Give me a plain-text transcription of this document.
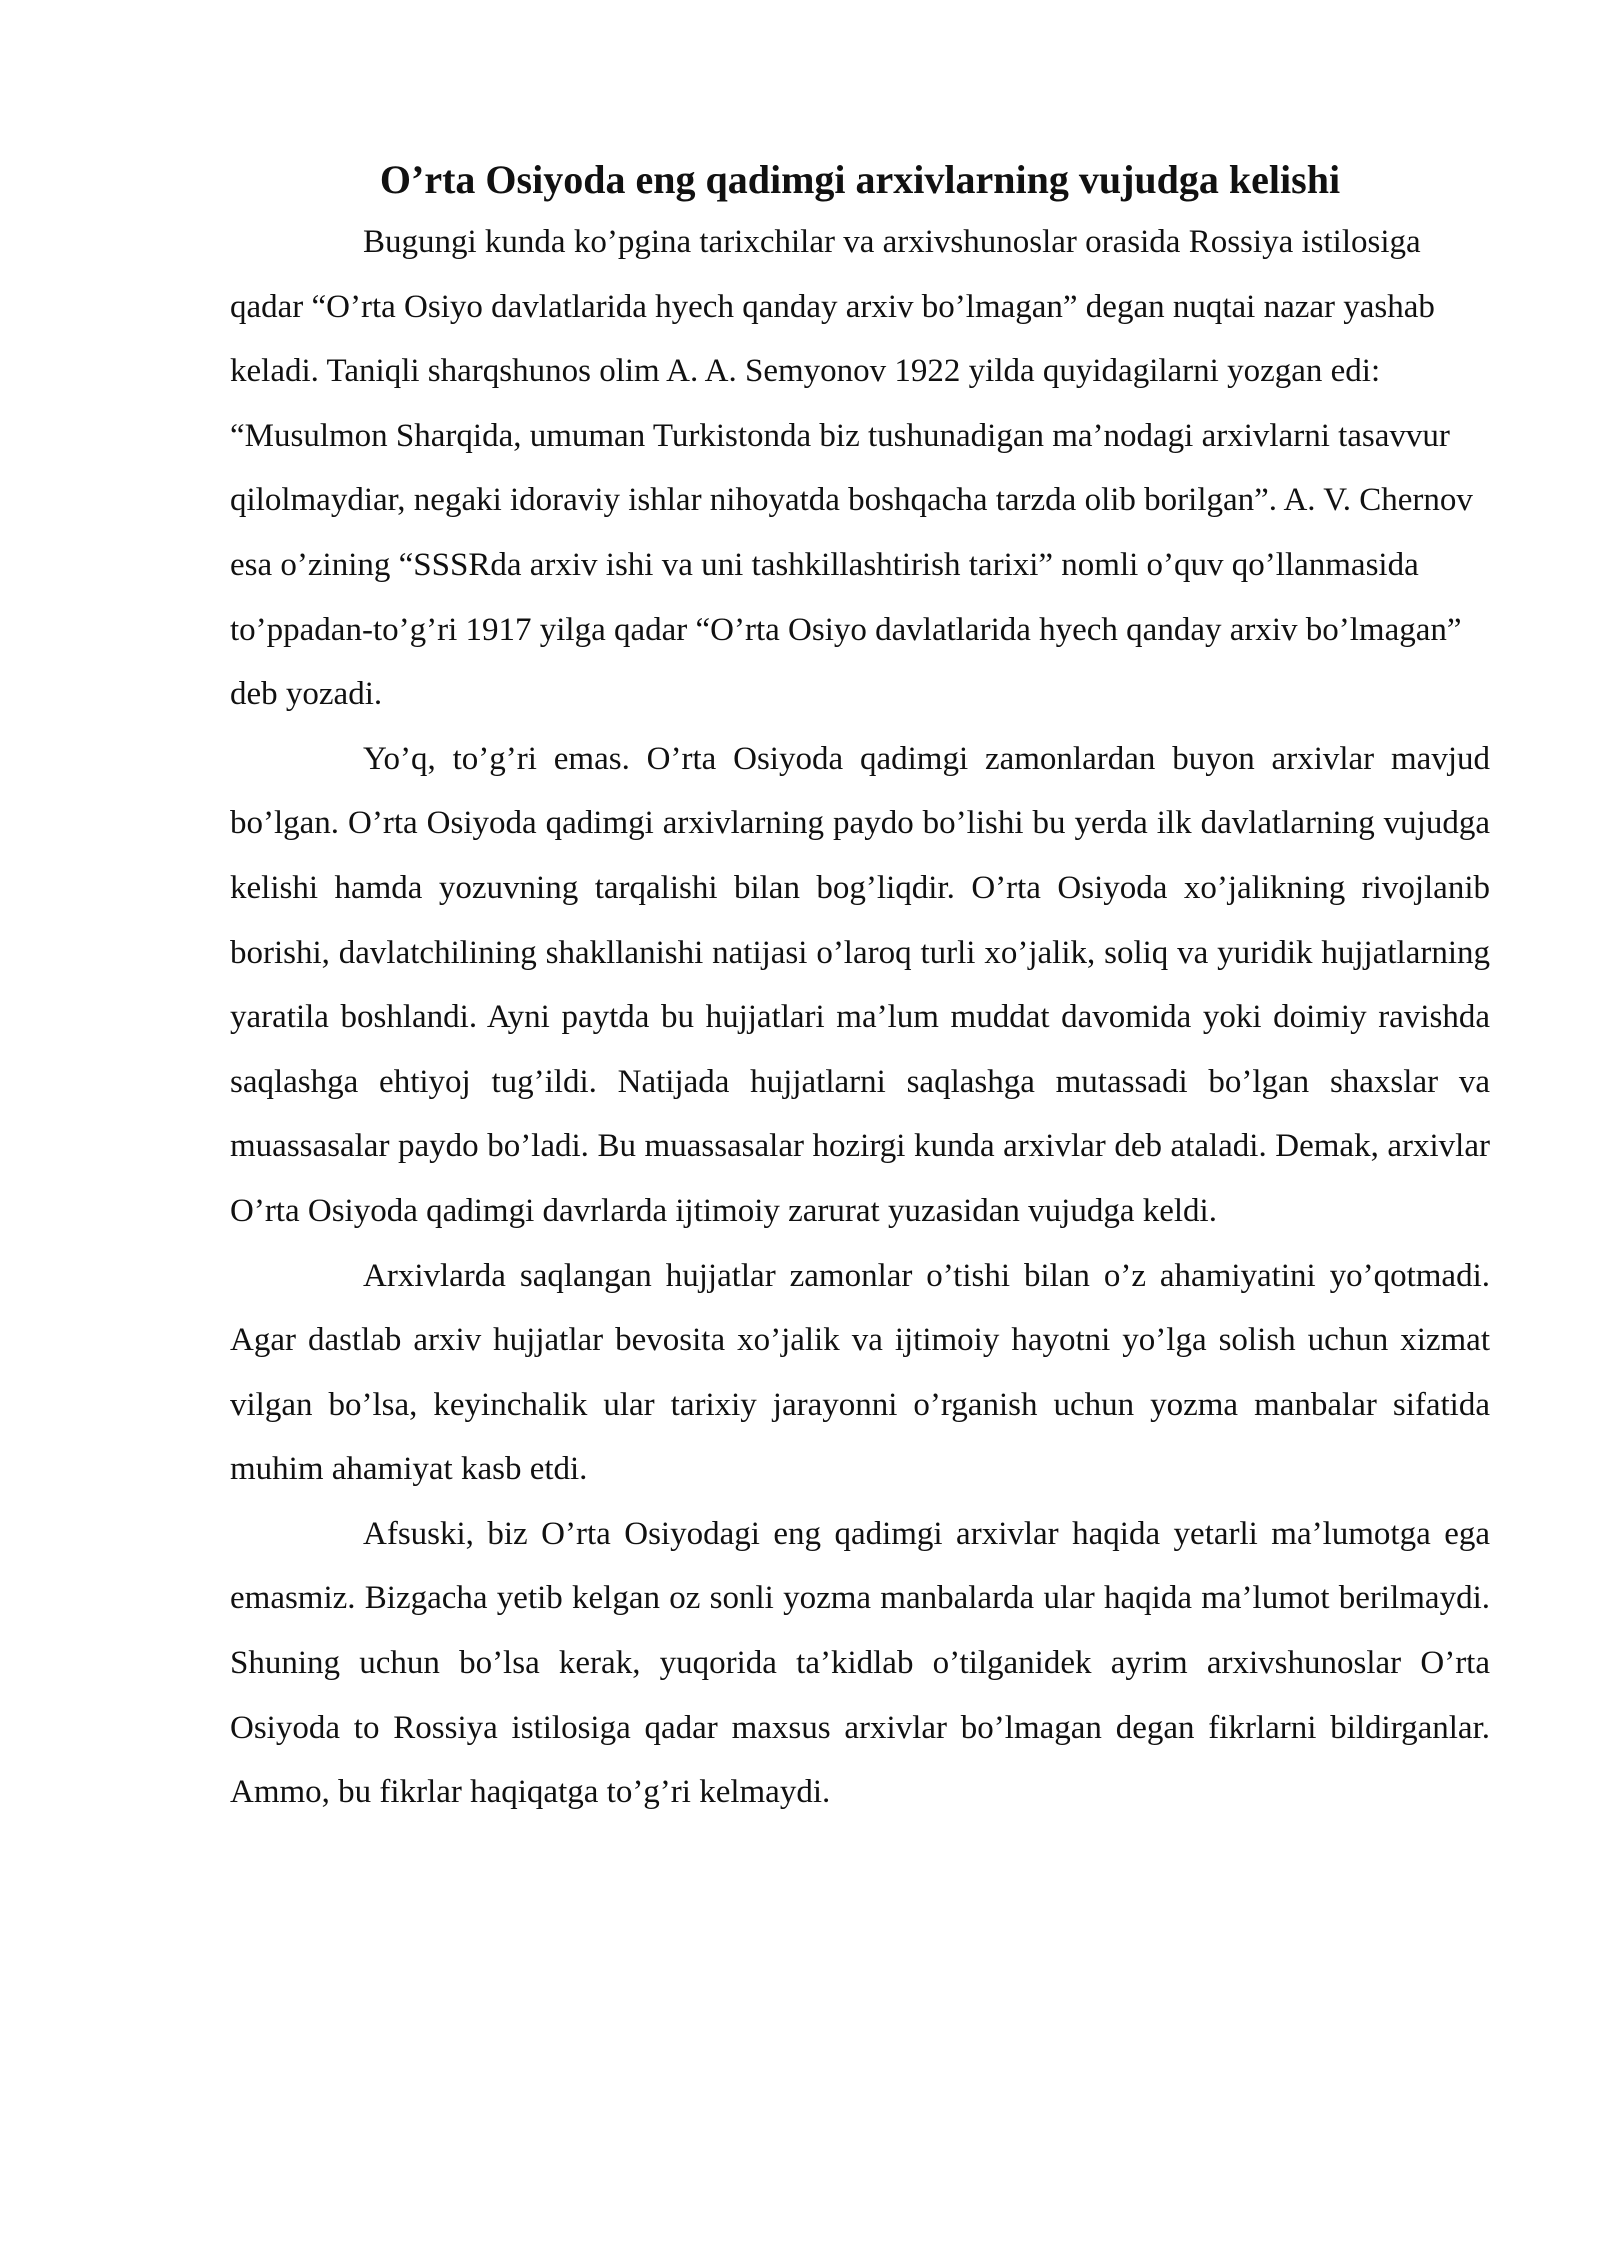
O’rta Osiyoda eng qadimgi arxivlarning vujudga kelishi

Bugungi kunda ko’pgina tarixchilar va arxivshunoslar orasida Rossiya istilosiga qadar “O’rta Osiyo davlatlarida hyech qanday arxiv bo’lmagan” degan nuqtai nazar yashab keladi. Taniqli sharqshunos olim A. A. Semyonov 1922 yilda quyidagilarni yozgan edi: “Musulmon Sharqida, umuman Turkistonda biz tushunadigan ma’nodagi arxivlarni tasavvur qilolmaydiar, negaki idoraviy ishlar nihoyatda boshqacha tarzda olib borilgan”. A. V. Chernov esa o’zining “SSSRda arxiv ishi va uni tashkillashtirish tarixi” nomli o’quv qo’llanmasida to’ppadan-to’g’ri 1917 yilga qadar “O’rta Osiyo davlatlarida hyech qanday arxiv bo’lmagan” deb yozadi.

Yo’q, to’g’ri emas. O’rta Osiyoda qadimgi zamonlardan buyon arxivlar mavjud bo’lgan. O’rta Osiyoda qadimgi arxivlarning paydo bo’lishi bu yerda ilk davlatlarning vujudga kelishi hamda yozuvning tarqalishi bilan bog’liqdir. O’rta Osiyoda xo’jalikning rivojlanib borishi, davlatchilining shakllanishi natijasi o’laroq turli xo’jalik, soliq va yuridik hujjatlarning yaratila boshlandi. Ayni paytda bu hujjatlari ma’lum muddat davomida yoki doimiy ravishda saqlashga ehtiyoj tug’ildi. Natijada hujjatlarni saqlashga mutassadi bo’lgan shaxslar va muassasalar paydo bo’ladi. Bu muassasalar hozirgi kunda arxivlar deb ataladi. Demak, arxivlar O’rta Osiyoda qadimgi davrlarda ijtimoiy zarurat yuzasidan vujudga keldi.

Arxivlarda saqlangan hujjatlar zamonlar o’tishi bilan o’z ahamiyatini yo’qotmadi. Agar dastlab arxiv hujjatlar bevosita xo’jalik va ijtimoiy hayotni yo’lga solish uchun xizmat vilgan bo’lsa, keyinchalik ular tarixiy jarayonni o’rganish uchun yozma manbalar sifatida muhim ahamiyat kasb etdi.

Afsuski, biz O’rta Osiyodagi eng qadimgi arxivlar haqida yetarli ma’lumotga ega emasmiz. Bizgacha yetib kelgan oz sonli yozma manbalarda ular haqida ma’lumot berilmaydi. Shuning uchun bo’lsa kerak, yuqorida ta’kidlab o’tilganidek ayrim arxivshunoslar O’rta Osiyoda to Rossiya istilosiga qadar maxsus arxivlar bo’lmagan degan fikrlarni bildirganlar. Ammo, bu fikrlar haqiqatga to’g’ri kelmaydi.
